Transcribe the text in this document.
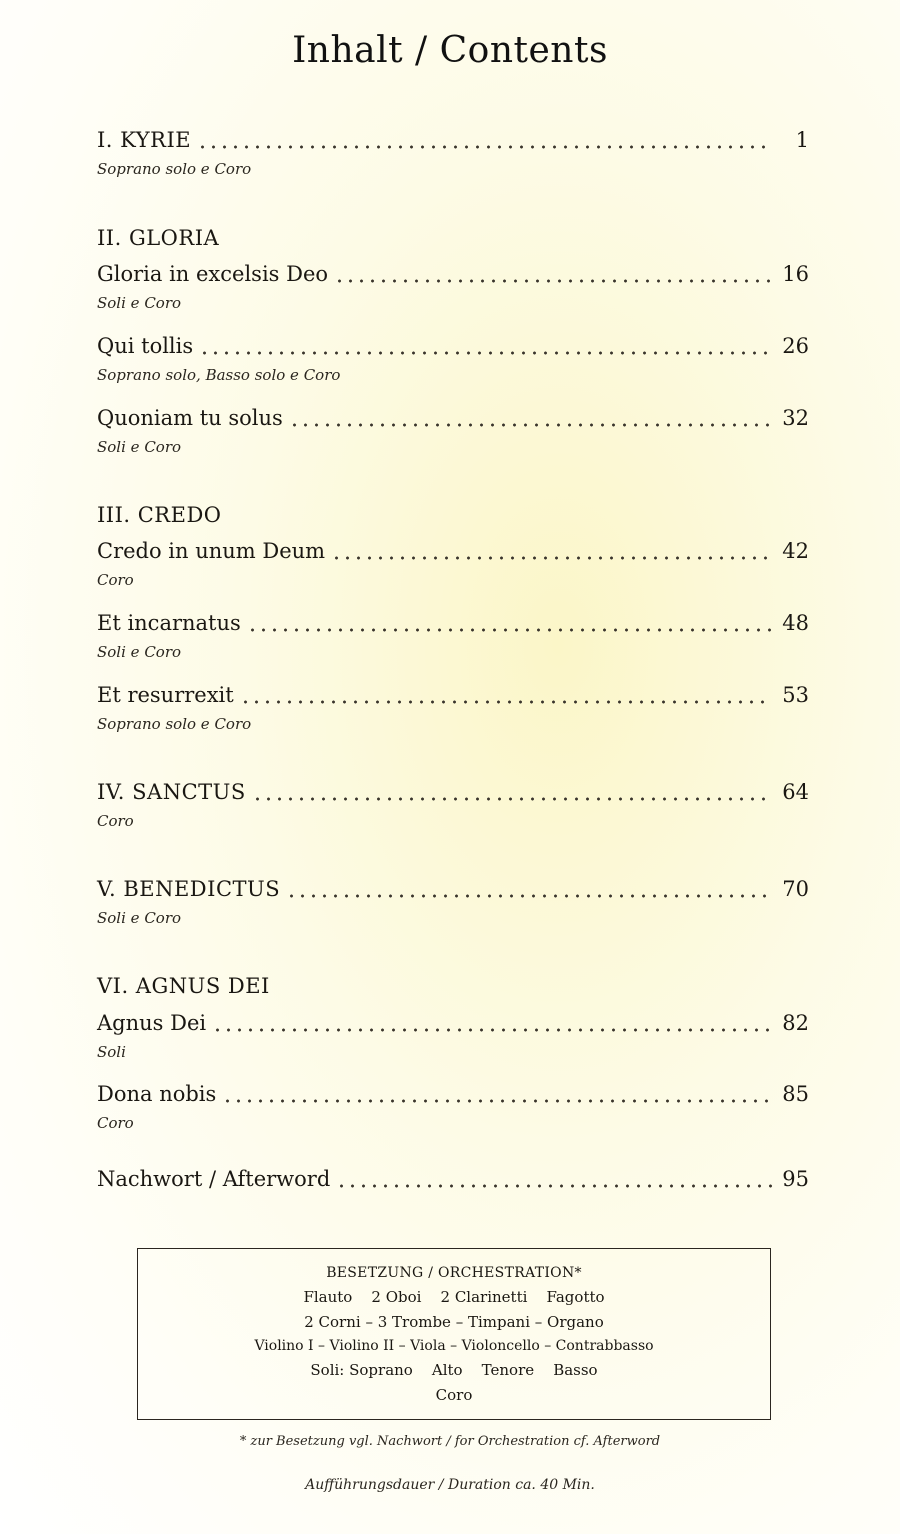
Inhalt / Contents
I. KYRIE	1
Soprano solo e Coro
II. GLORIA
Gloria in excelsis Deo	16
Soli e Coro
Qui tollis	26
Soprano solo, Basso solo e Coro
Quoniam tu solus	32
Soli e Coro
III. CREDO
Credo in unum Deum	42
Coro
Et incarnatus	48
Soli e Coro
Et resurrexit	53
Soprano solo e Coro
IV. SANCTUS	64
Coro
V. BENEDICTUS	70
Soli e Coro
VI. AGNUS DEI
Agnus Dei	82
Soli
Dona nobis	85
Coro
Nachwort / Afterword	95
BESETZUNG / ORCHESTRATION*
Flauto    2 Oboi    2 Clarinetti    Fagotto
2 Corni – 3 Trombe – Timpani – Organo
Violino I – Violino II – Viola – Violoncello – Contrabbasso
Soli: Soprano    Alto    Tenore    Basso
Coro
* zur Besetzung vgl. Nachwort / for Orchestration cf. Afterword
Aufführungsdauer / Duration ca. 40 Min.
